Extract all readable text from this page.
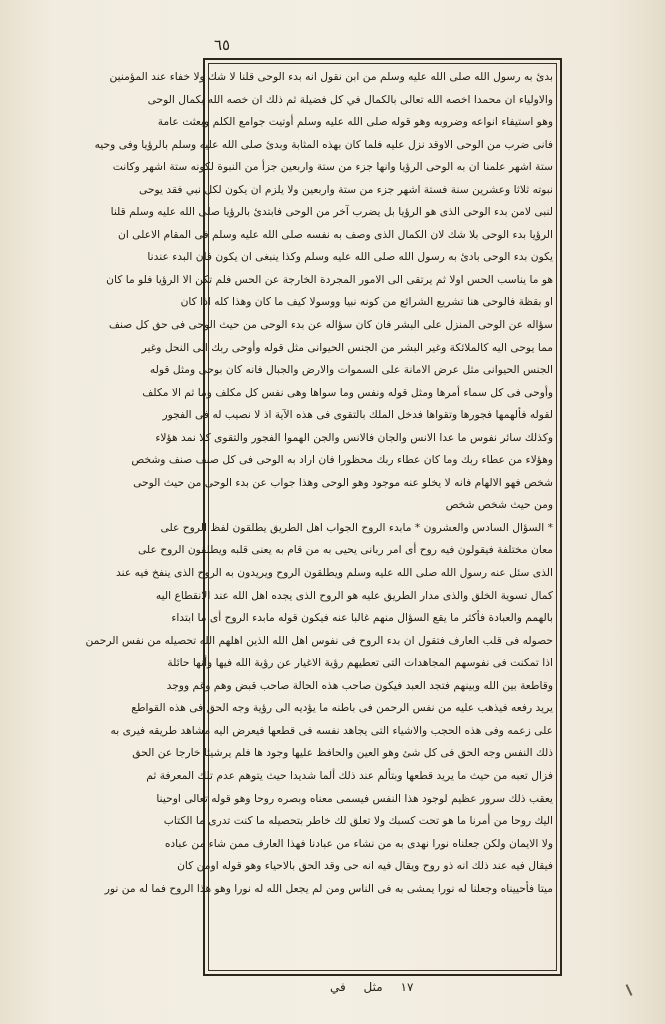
٦٥
بدئ به رسول الله صلى الله عليه وسلم من ابن نقول انه بدء الوحى قلنا لا شك ولا خفاء عند المؤمنين
والاولياء ان محمدا اخصه الله تعالى بالكمال في كل فضيلة ثم ذلك ان خصه الله بكمال الوحى
وهو استيفاء انواعه وضروبه وهو قوله صلى الله عليه وسلم أوتيت جوامع الكلم وبعثت عامة
فانى ضرب من الوحى الاوقد نزل عليه فلما كان بهذه المثابة وبدئ صلى الله عليه وسلم بالرؤيا وفى وحيه
ستة اشهر علمنا ان به الوحى الرؤيا وانها جزء من ستة واربعين جزأ من النبوة لكونه ستة اشهر وكانت
نبوته ثلاثا وعشرين سنة فستة اشهر جزء من ستة واربعين ولا يلزم ان يكون لكل نبي فقد يوحى
لنبى لامن بدء الوحى الذى هو الرؤيا بل يضرب آخر من الوحى فابتدئ بالرؤيا صلى الله عليه وسلم قلنا
الرؤيا بدء الوحى بلا شك لان الكمال الذى وصف به نفسه صلى الله عليه وسلم فى المقام الاعلى ان
يكون بدء الوحى بادئ به رسول الله صلى الله عليه وسلم وكذا ينبغى ان يكون فان البدء عندنا
هو ما يناسب الحس اولا ثم يرتقى الى الامور المجردة الخارجة عن الحس فلم تكن الا الرؤيا فلو ما كان
او بقظة فالوحى هنا تشريع الشرائع من كونه نبيا ووسولا كيف ما كان وهذا كله اذا كان
سؤاله عن الوحى المنزل على البشر فان كان سؤاله عن بدء الوحى من حيث الوحى فى حق كل صنف
مما يوحى اليه كالملائكة وغير البشر من الجنس الحيوانى مثل قوله وأوحى ربك الى النحل وغير
الجنس الحيوانى مثل عرض الامانة على السموات والارض والجبال فانه كان بوحى ومثل قوله
وأوحى فى كل سماء أمرها ومثل قوله ونفس وما سواها وهى نفس كل مكلف وما ثم الا مكلف
لقوله فألهمها فجورها وتقواها فدخل الملك بالتقوى فى هذه الآية اذ لا نصيب له فى الفجور
وكذلك سائر نفوس ما عدا الانس والجان فالانس والجن الهموا الفجور والتقوى كلا نمد هؤلاء
وهؤلاء من عطاء ربك وما كان عطاء ربك محظورا فان اراد به الوحى فى كل صنف صنف وشخص
شخص فهو الالهام فانه لا يخلو عنه موجود وهو الوحى وهذا جواب عن بدء الوحى من حيث الوحى
ومن حيث شخص شخص
* السؤال السادس والعشرون * مابدء الروح الجواب اهل الطريق يطلقون لفظ الروح على
معان مختلفة فيقولون فيه روح أى امر ربانى يحيى به من قام به يعنى قلبه ويطلقون الروح على
الذى سئل عنه رسول الله صلى الله عليه وسلم ويطلقون الروح ويريدون به الروح الذى ينفخ فيه عند
كمال تسوية الخلق والذى مدار الطريق عليه هو الروح الذى يجده اهل الله عند الانقطاع اليه
بالهمم والعبادة فأكثر ما يقع السؤال منهم غالبا عنه فيكون قوله مابدء الروح أى ما ابتداء
حصوله فى قلب العارف فتقول ان بدء الروح فى نفوس اهل الله الذين اهلهم الله تحصيله من نفس الرحمن
اذا تمكنت فى نفوسهم المجاهدات التى تعطيهم رؤية الاغيار عن رؤية الله فيها وأنها حائلة
وقاطعة بين الله وبينهم فتجد العبد فيكون صاحب هذه الحالة صاحب قبض وهم وغم ووجد
يريد رفعه فيذهب عليه من نفس الرحمن فى باطنه ما يؤديه الى رؤية وجه الحق فى هذه القواطع
على زعمه وفى هذه الحجب والاشياء التى يجاهد نفسه فى قطعها فيعرض اليه مشاهد طريقه فيرى به
ذلك النفس وجه الحق فى كل شئ وهو العين والحافظ عليها وجود ها فلم يرشيئا خارجا عن الحق
فزال تعبه من حيث ما يريد قطعها وبتألم عند ذلك ألما شديدا حيث يتوهم عدم تلك المعرفة ثم
يعقب ذلك سرور عظيم لوجود هذا النفس فيسمى معناه وبصره روحا وهو قوله تعالى اوحينا
اليك روحا من أمرنا ما هو تحت كسبك ولا تعلق لك خاطر بتحصيله ما كنت تدرى ما الكتاب
ولا الايمان ولكن جعلناه نورا نهدى به من نشاء من عبادنا فهذا العارف ممن شاء من عباده
فيقال فيه عند ذلك انه ذو روح ويقال فيه انه حى وقد الحق بالاحياء وهو قوله اومن كان
ميتا فأحييناه وجعلنا له نورا يمشى به فى الناس ومن لم يجعل الله له نورا وهو هذا الروح فما له من نور
١٧ مثل في
